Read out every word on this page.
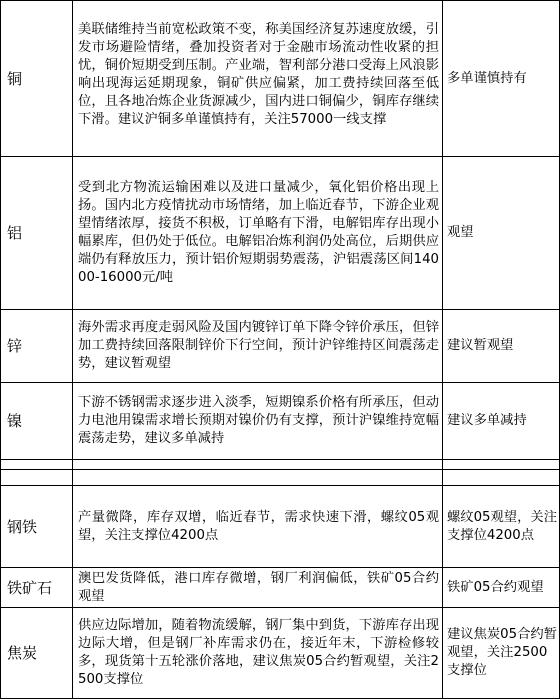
铜	美联储维持当前宽松政策不变，称美国经济复苏速度放缓，引发市场避险情绪，叠加投资者对于金融市场流动性收紧的担忧，铜价短期受到压制。产业端，智利部分港口受海上风浪影响出现海运延期现象，铜矿供应偏紧，加工费持续回落至低位，且各地冶炼企业货源减少，国内进口铜偏少，铜库存继续下滑。建议沪铜多单谨慎持有，关注57000一线支撑	多单谨慎持有

铝	受到北方物流运输困难以及进口量减少，氧化铝价格出现上扬。国内北方疫情扰动市场情绪，加上临近春节，下游企业观望情绪浓厚，接货不积极，订单略有下滑，电解铝库存出现小幅累库，但仍处于低位。电解铝冶炼利润仍处高位，后期供应端仍有释放压力，预计铝价短期弱势震荡，沪铝震荡区间14000-16000元/吨	观望

锌	海外需求再度走弱风险及国内镀锌订单下降令锌价承压，但锌加工费持续回落限制锌价下行空间，预计沪锌维持区间震荡走势，建议暂观望	建议暂观望

镍	下游不锈钢需求逐步进入淡季，短期镍系价格有所承压，但动力电池用镍需求增长预期对镍价仍有支撑，预计沪镍维持宽幅震荡走势，建议多单减持	建议多单减持

钢铁	产量微降，库存双增，临近春节，需求快速下滑，螺纹05观望，关注支撑位4200点	螺纹05观望，关注支撑位4200点

铁矿石	澳巴发货降低，港口库存微增，钢厂利润偏低，铁矿05合约观望	铁矿05合约观望

焦炭	供应边际增加，随着物流缓解，钢厂集中到货，下游库存出现边际大增，但是钢厂补库需求仍在，接近年末，下游检修较多，现货第十五轮涨价落地，建议焦炭05合约暂观望，关注2500支撑位	建议焦炭05合约暂观望，关注2500支撑位
